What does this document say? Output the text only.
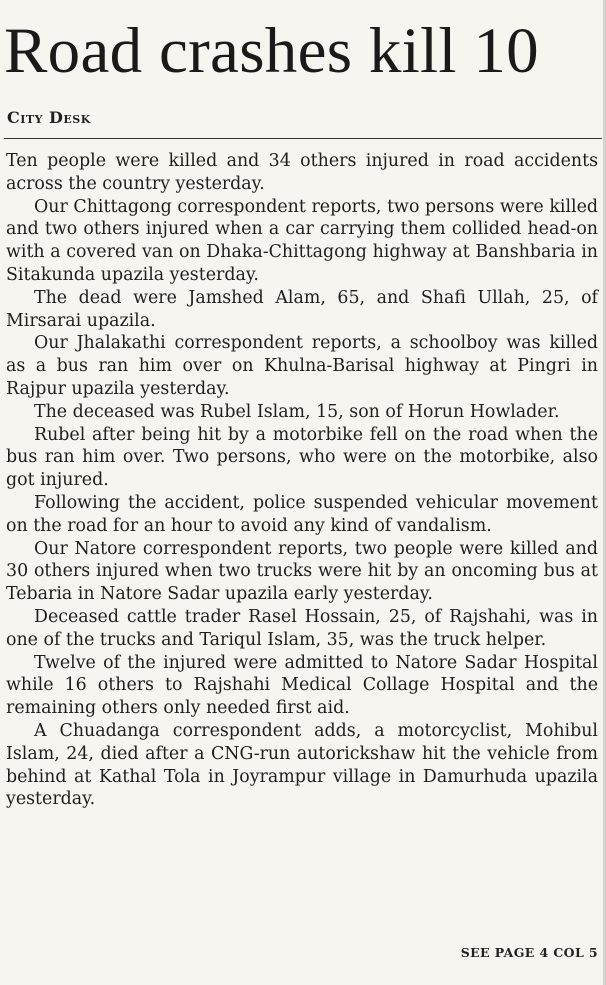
Road crashes kill 10
City Desk

Ten people were killed and 34 others injured in road accidents across the country yesterday.

Our Chittagong correspondent reports, two persons were killed and two others injured when a car carrying them collided head-on with a covered van on Dhaka-Chittagong highway at Banshbaria in Sitakunda upazila yesterday.

The dead were Jamshed Alam, 65, and Shafi Ullah, 25, of Mirsarai upazila.

Our Jhalakathi correspondent reports, a schoolboy was killed as a bus ran him over on Khulna-Barisal highway at Pingri in Rajpur upazila yesterday.

The deceased was Rubel Islam, 15, son of Horun Howlader.

Rubel after being hit by a motorbike fell on the road when the bus ran him over. Two persons, who were on the motorbike, also got injured.

Following the accident, police suspended vehicular movement on the road for an hour to avoid any kind of vandalism.

Our Natore correspondent reports, two people were killed and 30 others injured when two trucks were hit by an oncoming bus at Tebaria in Natore Sadar upazila early yesterday.

Deceased cattle trader Rasel Hossain, 25, of Rajshahi, was in one of the trucks and Tariqul Islam, 35, was the truck helper.

Twelve of the injured were admitted to Natore Sadar Hospital while 16 others to Rajshahi Medical Collage Hospital and the remaining others only needed first aid.

A Chuadanga correspondent adds, a motorcyclist, Mohibul Islam, 24, died after a CNG-run autorickshaw hit the vehicle from behind at Kathal Tola in Joyrampur village in Damurhuda upazila yesterday.

SEE PAGE 4 COL 5
